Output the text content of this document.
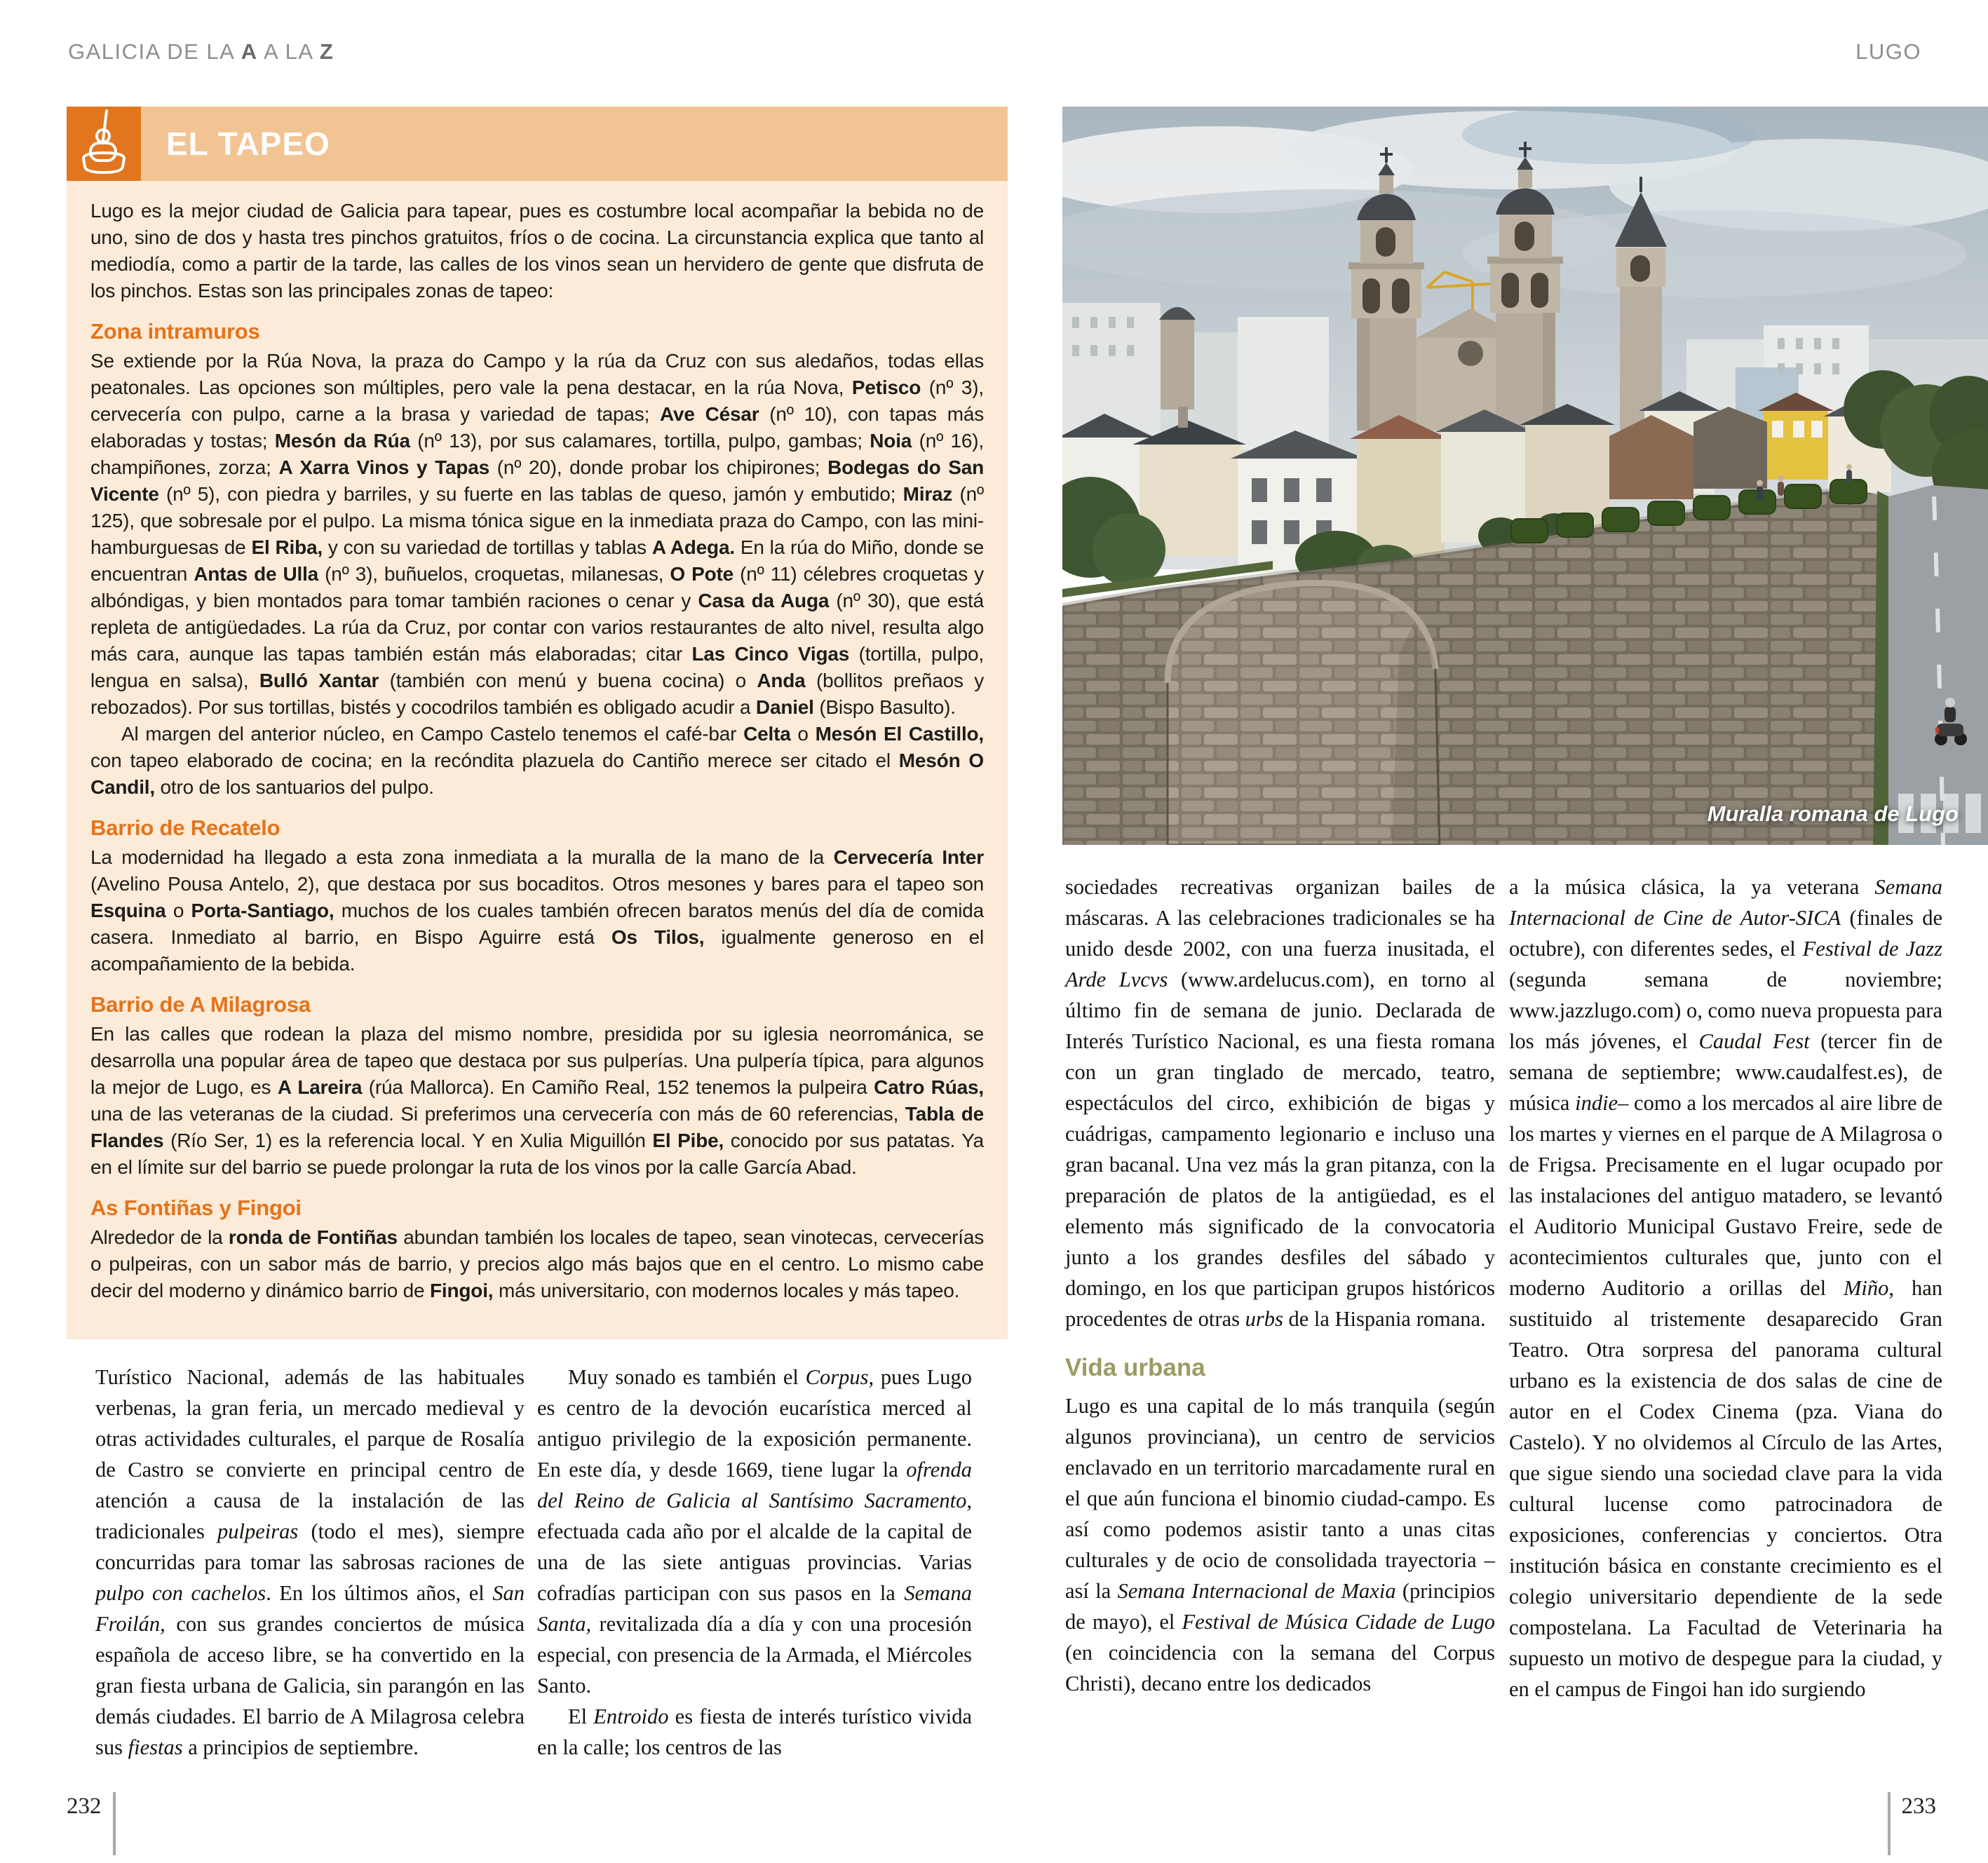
GALICIA DE LA A A LA Z	LUGO
EL TAPEO

Lugo es la mejor ciudad de Galicia para tapear, pues es costumbre local acompañar la bebida no de uno, sino de dos y hasta tres pinchos gratuitos, fríos o de cocina. La circunstancia explica que tanto al mediodía, como a partir de la tarde, las calles de los vinos sean un hervidero de gente que disfruta de los pinchos. Estas son las principales zonas de tapeo:

Zona intramuros

Se extiende por la Rúa Nova, la praza do Campo y la rúa da Cruz con sus aledaños, todas ellas peatonales. Las opciones son múltiples, pero vale la pena destacar, en la rúa Nova, Petisco (nº 3), cervecería con pulpo, carne a la brasa y variedad de tapas; Ave César (nº 10), con tapas más elaboradas y tostas; Mesón da Rúa (nº 13), por sus calamares, tortilla, pulpo, gambas; Noia (nº 16), champiñones, zorza; A Xarra Vinos y Tapas (nº 20), donde probar los chipirones; Bodegas do San Vicente (nº 5), con piedra y barriles, y su fuerte en las tablas de queso, jamón y embutido; Miraz (nº 125), que sobresale por el pulpo. La misma tónica sigue en la inmediata praza do Campo, con las mini-hamburguesas de El Riba, y con su variedad de tortillas y tablas A Adega. En la rúa do Miño, donde se encuentran Antas de Ulla (nº 3), buñuelos, croquetas, milanesas, O Pote (nº 11) célebres croquetas y albóndigas, y bien montados para tomar también raciones o cenar y Casa da Auga (nº 30), que está repleta de antigüedades. La rúa da Cruz, por contar con varios restaurantes de alto nivel, resulta algo más cara, aunque las tapas también están más elaboradas; citar Las Cinco Vigas (tortilla, pulpo, lengua en salsa), Bulló Xantar (también con menú y buena cocina) o Anda (bollitos preñaos y rebozados). Por sus tortillas, bistés y cocodrilos también es obligado acudir a Daniel (Bispo Basulto).

Al margen del anterior núcleo, en Campo Castelo tenemos el café-bar Celta o Mesón El Castillo, con tapeo elaborado de cocina; en la recóndita plazuela do Cantiño merece ser citado el Mesón O Candil, otro de los santuarios del pulpo.

Barrio de Recatelo

La modernidad ha llegado a esta zona inmediata a la muralla de la mano de la Cervecería Inter (Avelino Pousa Antelo, 2), que destaca por sus bocaditos. Otros mesones y bares para el tapeo son Esquina o Porta-Santiago, muchos de los cuales también ofrecen baratos menús del día de comida casera. Inmediato al barrio, en Bispo Aguirre está Os Tilos, igualmente generoso en el acompañamiento de la bebida.

Barrio de A Milagrosa

En las calles que rodean la plaza del mismo nombre, presidida por su iglesia neorrománica, se desarrolla una popular área de tapeo que destaca por sus pulperías. Una pulpería típica, para algunos la mejor de Lugo, es A Lareira (rúa Mallorca). En Camiño Real, 152 tenemos la pulpeira Catro Rúas, una de las veteranas de la ciudad. Si preferimos una cervecería con más de 60 referencias, Tabla de Flandes (Río Ser, 1) es la referencia local. Y en Xulia Miguillón El Pibe, conocido por sus patatas. Ya en el límite sur del barrio se puede prolongar la ruta de los vinos por la calle García Abad.

As Fontiñas y Fingoi

Alrededor de la ronda de Fontiñas abundan también los locales de tapeo, sean vinotecas, cervecerías o pulpeiras, con un sabor más de barrio, y precios algo más bajos que en el centro. Lo mismo cabe decir del moderno y dinámico barrio de Fingoi, más universitario, con modernos locales y más tapeo.

Muralla romana de Lugo

Turístico Nacional, además de las habituales verbenas, la gran feria, un mercado medieval y otras actividades culturales, el parque de Rosalía de Castro se convierte en principal centro de atención a causa de la instalación de las tradicionales pulpeiras (todo el mes), siempre concurridas para tomar las sabrosas raciones de pulpo con cachelos. En los últimos años, el San Froilán, con sus grandes conciertos de música española de acceso libre, se ha convertido en la gran fiesta urbana de Galicia, sin parangón en las demás ciudades. El barrio de A Milagrosa celebra sus fiestas a principios de septiembre.

Muy sonado es también el Corpus, pues Lugo es centro de la devoción eucarística merced al antiguo privilegio de la exposición permanente. En este día, y desde 1669, tiene lugar la ofrenda del Reino de Galicia al Santísimo Sacramento, efectuada cada año por el alcalde de la capital de una de las siete antiguas provincias. Varias cofradías participan con sus pasos en la Semana Santa, revitalizada día a día y con una procesión especial, con presencia de la Armada, el Miércoles Santo.

El Entroido es fiesta de interés turístico vivida en la calle; los centros de las

sociedades recreativas organizan bailes de máscaras. A las celebraciones tradicionales se ha unido desde 2002, con una fuerza inusitada, el Arde Lvcvs (www.ardelucus.com), en torno al último fin de semana de junio. Declarada de Interés Turístico Nacional, es una fiesta romana con un gran tinglado de mercado, teatro, espectáculos del circo, exhibición de bigas y cuádrigas, campamento legionario e incluso una gran bacanal. Una vez más la gran pitanza, con la preparación de platos de la antigüedad, es el elemento más significado de la convocatoria junto a los grandes desfiles del sábado y domingo, en los que participan grupos históricos procedentes de otras urbs de la Hispania romana.

Vida urbana

Lugo es una capital de lo más tranquila (según algunos provinciana), un centro de servicios enclavado en un territorio marcadamente rural en el que aún funciona el binomio ciudad-campo. Es así como podemos asistir tanto a unas citas culturales y de ocio de consolidada trayectoria –así la Semana Internacional de Maxia (principios de mayo), el Festival de Música Cidade de Lugo (en coincidencia con la semana del Corpus Christi), decano entre los dedicados

a la música clásica, la ya veterana Semana Internacional de Cine de Autor-SICA (finales de octubre), con diferentes sedes, el Festival de Jazz (segunda semana de noviembre; www.jazzlugo.com) o, como nueva propuesta para los más jóvenes, el Caudal Fest (tercer fin de semana de septiembre; www.caudalfest.es), de música indie– como a los mercados al aire libre de los martes y viernes en el parque de A Milagrosa o de Frigsa. Precisamente en el lugar ocupado por las instalaciones del antiguo matadero, se levantó el Auditorio Municipal Gustavo Freire, sede de acontecimientos culturales que, junto con el moderno Auditorio a orillas del Miño, han sustituido al tristemente desaparecido Gran Teatro. Otra sorpresa del panorama cultural urbano es la existencia de dos salas de cine de autor en el Codex Cinema (pza. Viana do Castelo). Y no olvidemos al Círculo de las Artes, que sigue siendo una sociedad clave para la vida cultural lucense como patrocinadora de exposiciones, conferencias y conciertos. Otra institución básica en constante crecimiento es el colegio universitario dependiente de la sede compostelana. La Facultad de Veterinaria ha supuesto un motivo de despegue para la ciudad, y en el campus de Fingoi han ido surgiendo

232	233
